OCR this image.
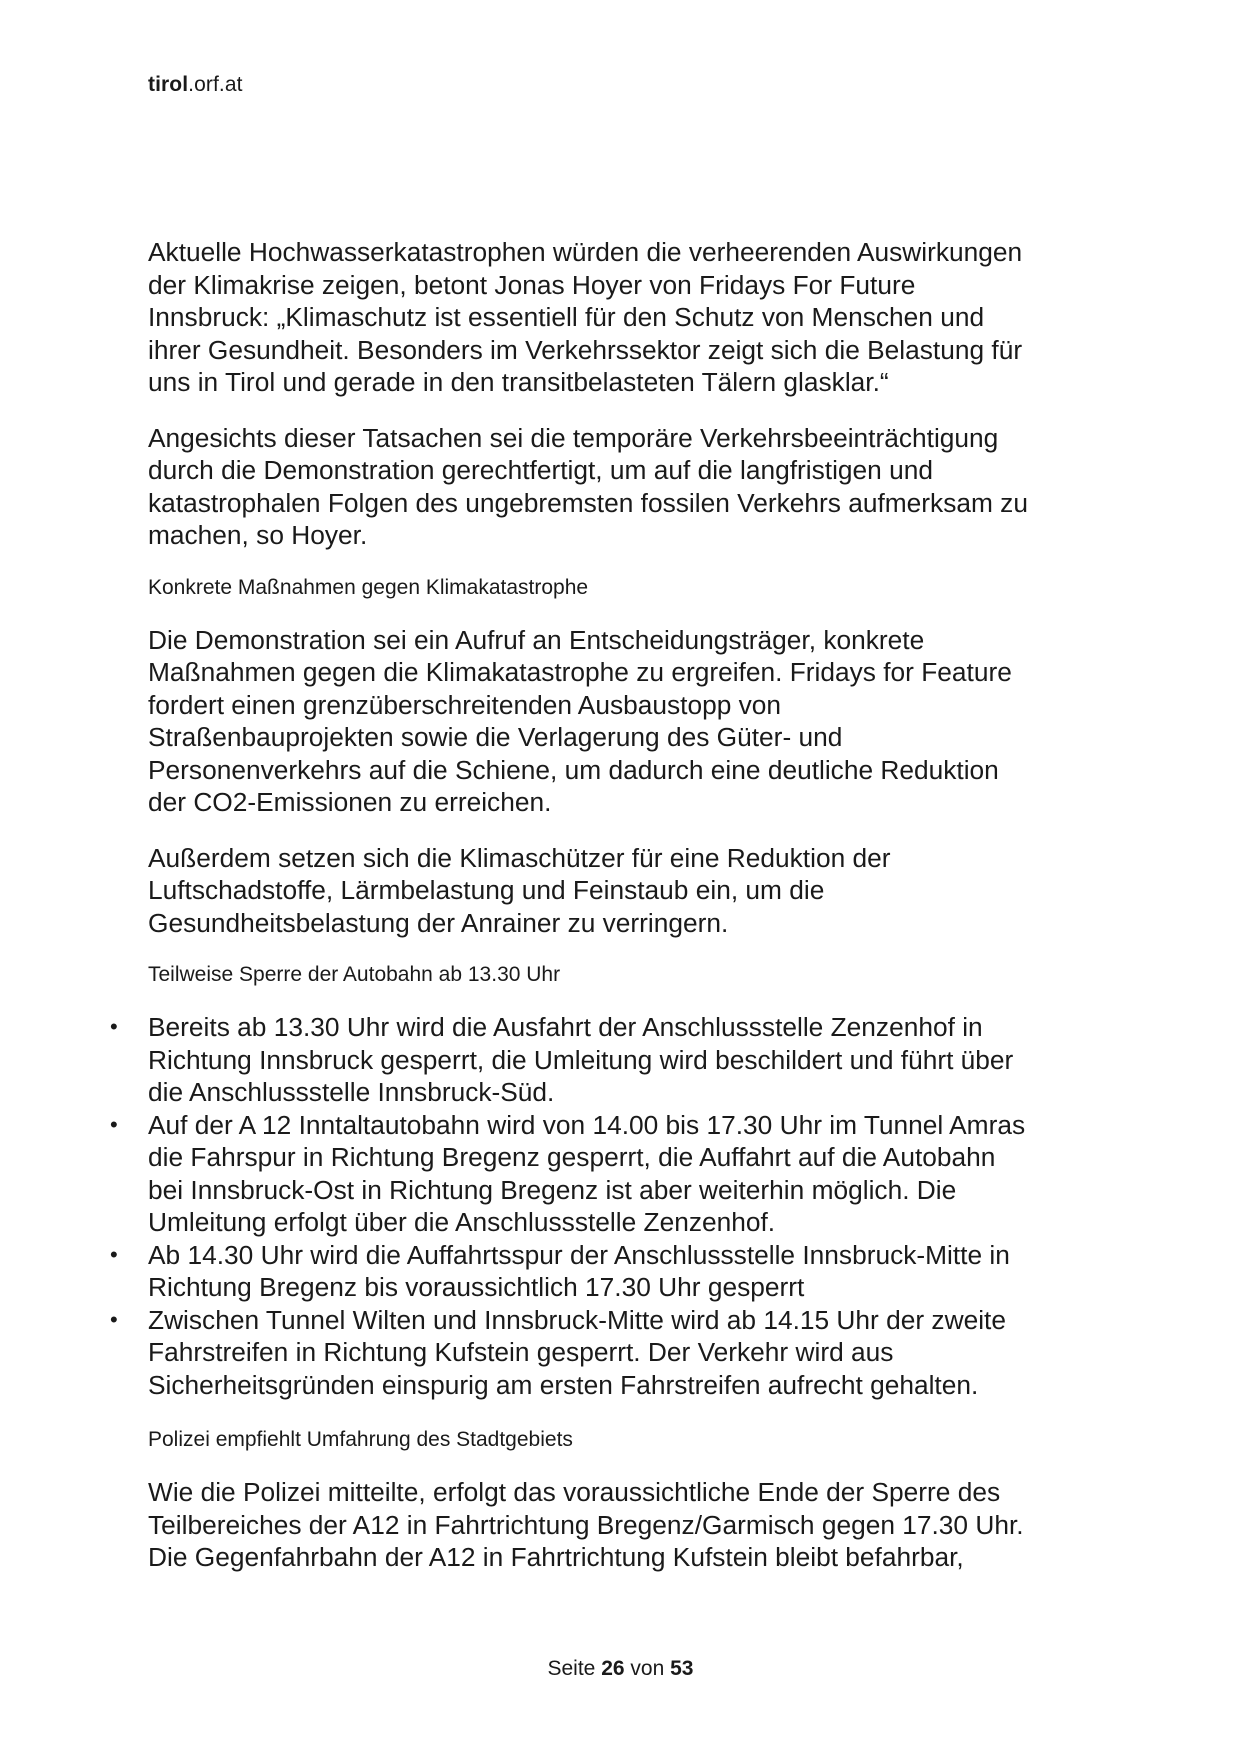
tirol.orf.at
Aktuelle Hochwasserkatastrophen würden die verheerenden Auswirkungen
der Klimakrise zeigen, betont Jonas Hoyer von Fridays For Future
Innsbruck: „Klimaschutz ist essentiell für den Schutz von Menschen und
ihrer Gesundheit. Besonders im Verkehrssektor zeigt sich die Belastung für
uns in Tirol und gerade in den transitbelasteten Tälern glasklar.“
Angesichts dieser Tatsachen sei die temporäre Verkehrsbeeinträchtigung
durch die Demonstration gerechtfertigt, um auf die langfristigen und
katastrophalen Folgen des ungebremsten fossilen Verkehrs aufmerksam zu
machen, so Hoyer.
Konkrete Maßnahmen gegen Klimakatastrophe
Die Demonstration sei ein Aufruf an Entscheidungsträger, konkrete
Maßnahmen gegen die Klimakatastrophe zu ergreifen. Fridays for Feature
fordert einen grenzüberschreitenden Ausbaustopp von
Straßenbauprojekten sowie die Verlagerung des Güter- und
Personenverkehrs auf die Schiene, um dadurch eine deutliche Reduktion
der CO2-Emissionen zu erreichen.
Außerdem setzen sich die Klimaschützer für eine Reduktion der
Luftschadstoffe, Lärmbelastung und Feinstaub ein, um die
Gesundheitsbelastung der Anrainer zu verringern.
Teilweise Sperre der Autobahn ab 13.30 Uhr
• Bereits ab 13.30 Uhr wird die Ausfahrt der Anschlussstelle Zenzenhof in
Richtung Innsbruck gesperrt, die Umleitung wird beschildert und führt über
die Anschlussstelle Innsbruck-Süd.
• Auf der A 12 Inntaltautobahn wird von 14.00 bis 17.30 Uhr im Tunnel Amras
die Fahrspur in Richtung Bregenz gesperrt, die Auffahrt auf die Autobahn
bei Innsbruck-Ost in Richtung Bregenz ist aber weiterhin möglich. Die
Umleitung erfolgt über die Anschlussstelle Zenzenhof.
• Ab 14.30 Uhr wird die Auffahrtsspur der Anschlussstelle Innsbruck-Mitte in
Richtung Bregenz bis voraussichtlich 17.30 Uhr gesperrt
• Zwischen Tunnel Wilten und Innsbruck-Mitte wird ab 14.15 Uhr der zweite
Fahrstreifen in Richtung Kufstein gesperrt. Der Verkehr wird aus
Sicherheitsgründen einspurig am ersten Fahrstreifen aufrecht gehalten.
Polizei empfiehlt Umfahrung des Stadtgebiets
Wie die Polizei mitteilte, erfolgt das voraussichtliche Ende der Sperre des
Teilbereiches der A12 in Fahrtrichtung Bregenz/Garmisch gegen 17.30 Uhr.
Die Gegenfahrbahn der A12 in Fahrtrichtung Kufstein bleibt befahrbar,
Seite 26 von 53
